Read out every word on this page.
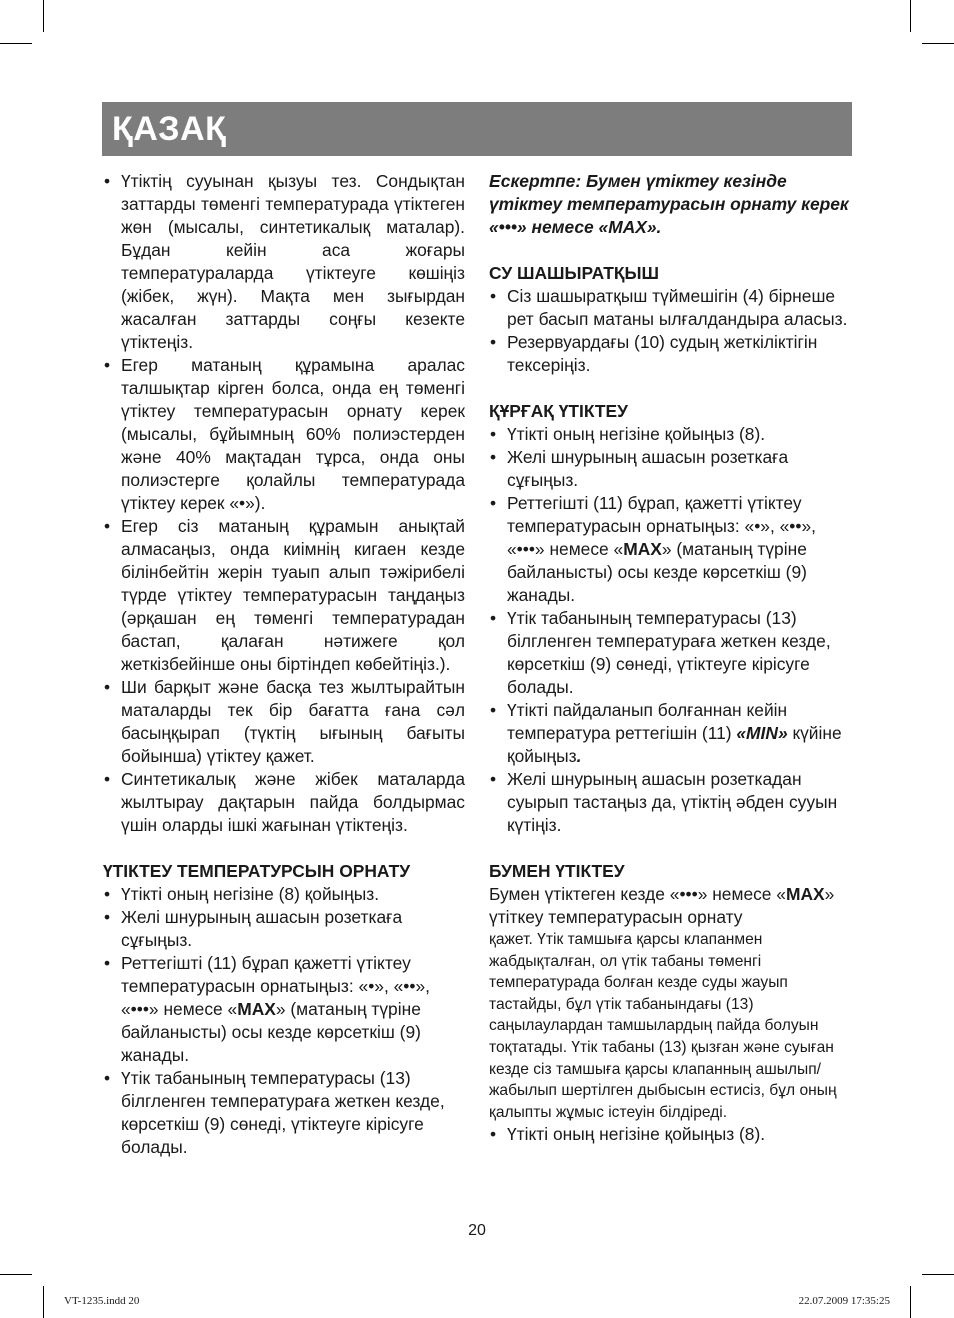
ҚАЗАҚ
• Үтіктің сууынан қызуы тез. Сондықтан заттарды төменгі температурада үтіктеген жөн (мысалы, синтетикалық маталар). Бұдан кейін аса жоғары температураларда үтіктеуге көшіңіз (жібек, жүн). Мақта мен зығырдан жасалған заттарды соңғы кезекте үтіктеңіз.
• Егер матаның құрамына аралас талшықтар кірген болса, онда ең төменгі үтіктеу температурасын орнату керек (мысалы, бұйымның 60% полиэстерден және 40% мақтадан тұрса, онда оны полиэстерге қолайлы температурада үтіктеу керек «•»).
• Егер сіз матаның құрамын анықтай алмасаңыз, онда киімнің кигаен кезде білінбейтін жерін туаып алып тәжірибелі түрде үтіктеу температурасын таңдаңыз (әрқашан ең төменгі температурадан бастап, қалаған нәтижеге қол жеткізбейінше оны біртіндеп көбейтіңіз.).
• Ши барқыт және басқа тез жылтырайтын маталарды тек бір бағатта ғана сәл басыңқырап (түктің ығының бағыты бойынша) үтіктеу қажет.
• Синтетикалық және жібек маталарда жылтырау дақтарын пайда болдырмас үшін оларды ішкі жағынан үтіктеңіз.

ҮТІКТЕУ ТЕМПЕРАТУРСЫН ОРНАТУ

• Үтікті оның негізіне (8) қойыңыз.
• Желі шнурының ашасын розеткаға сұғыңыз.
• Реттегішті (11) бұрап қажетті үтіктеу температурасын орнатыңыз: «•», «••», «•••» немесе «MAX» (матаның түріне байланысты) осы кезде көрсеткіш (9) жанады.
• Үтік табанының температурасы (13) білгленген температураға жеткен кезде, көрсеткіш (9) сөнеді, үтіктеуге кірісуге болады.

Ескертпе: Бумен үтіктеу кезінде үтіктеу температурасын орнату керек «•••» немесе «MAX».

СУ ШАШЫРАТҚЫШ

• Сіз шашыратқыш түймешігін (4) бірнеше рет басып матаны ылғалдандыра аласыз.
• Резервуардағы (10) судың жеткіліктігін тексеріңіз.

ҚҰРҒАҚ ҮТІКТЕУ

• Үтікті оның негізіне қойыңыз (8).
• Желі шнурының ашасын розеткаға сұғыңыз.
• Реттегішті (11) бұрап, қажетті үтіктеу температурасын орнатыңыз: «•», «••», «•••» немесе «MAX» (матаның түріне байланысты) осы кезде көрсеткіш (9) жанады.
• Үтік табанының температурасы (13) білгленген температураға жеткен кезде, көрсеткіш (9) сөнеді, үтіктеуге кірісуге болады.
• Үтікті пайдаланып болғаннан кейін температура реттегішін (11) «MIN» күйіне қойыңыз.
• Желі шнурының ашасын розеткадан суырып тастаңыз да, үтіктің әбден сууын күтіңіз.

БУМЕН ҮТІКТЕУ

Бумен үтіктеген кезде «•••» немесе «MAX» үтіткеу температурасын орнату

қажет. Үтік тамшыға қарсы клапанмен жабдықталған, ол үтік табаны төменгі температурада болған кезде суды жауып тастайды, бұл үтік табанындағы (13) саңылаулардан тамшылардың пайда болуын тоқтатады. Үтік табаны (13) қызған және суыған кезде сіз тамшыға қарсы клапанның ашылып/жабылып шертілген дыбысын естисіз, бұл оның қалыпты жұмыс істеуін білдіреді.

• Үтікті оның негізіне қойыңыз (8).
20
VT-1235.indd 20	22.07.2009 17:35:25
